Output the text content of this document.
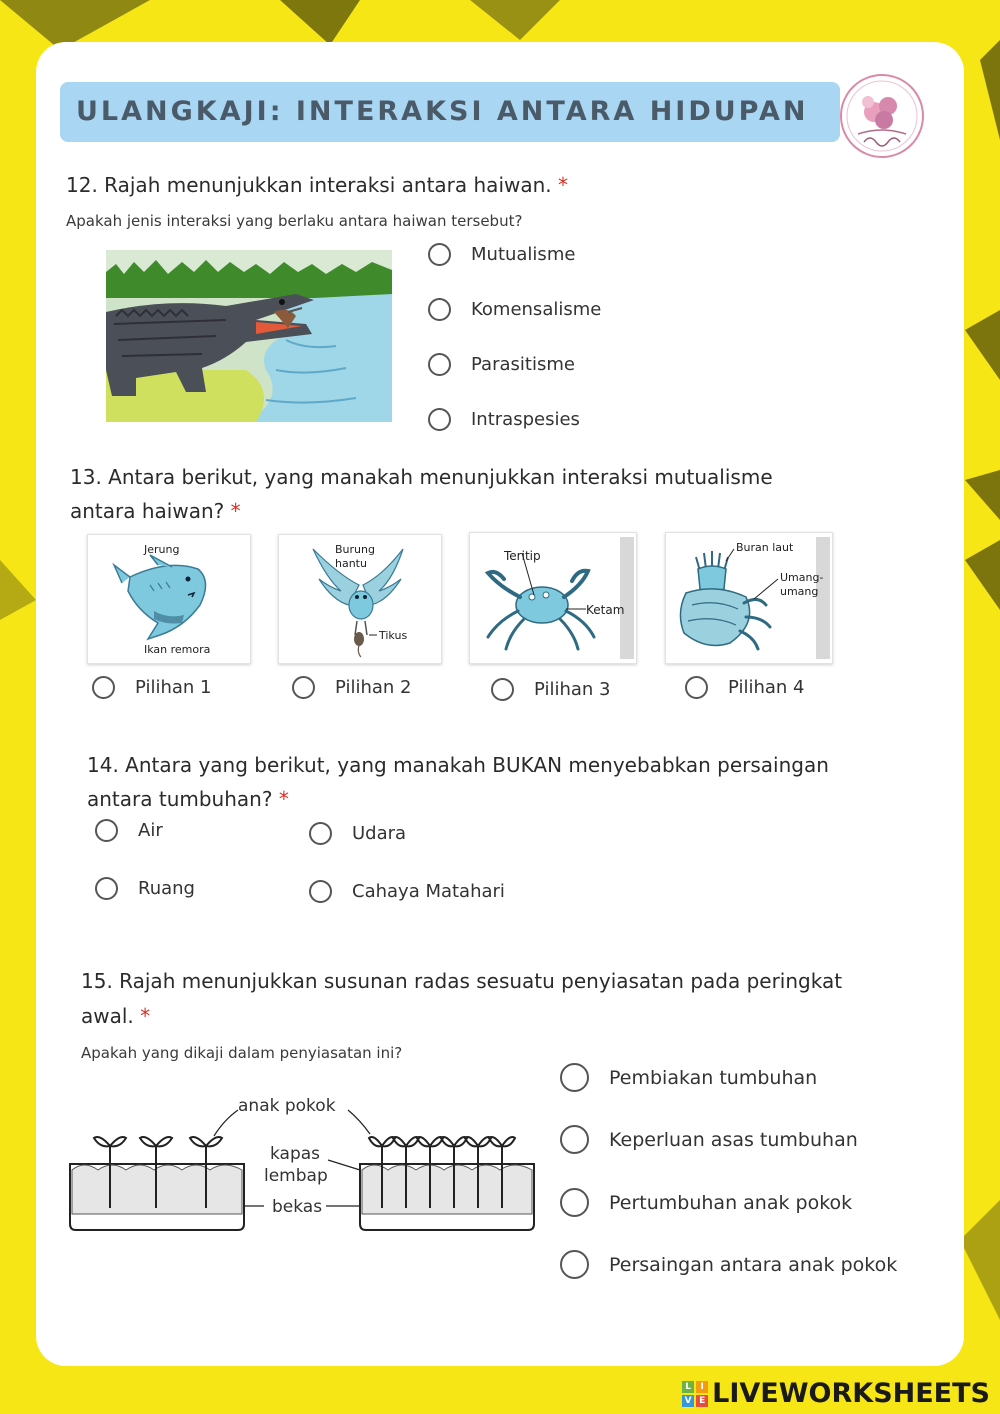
ULANGKAJI: INTERAKSI ANTARA HIDUPAN
12. Rajah menunjukkan interaksi antara haiwan. *
Apakah jenis interaksi yang berlaku antara haiwan tersebut?
Mutualisme
Komensalisme
Parasitisme
Intraspesies
13. Antara berikut, yang manakah menunjukkan interaksi mutualisme
antara haiwan? *
Jerung
Ikan remora
Burung
hantu
Tikus
Teritip
Ketam
Buran laut
Umang-
umang
Pilihan 1	Pilihan 2	Pilihan 3	Pilihan 4
14. Antara yang berikut, yang manakah BUKAN menyebabkan persaingan
antara tumbuhan? *
Air	Udara
Ruang	Cahaya Matahari
15. Rajah menunjukkan susunan radas sesuatu penyiasatan pada peringkat
awal. *
Apakah yang dikaji dalam penyiasatan ini?
anak pokok
kapas
lembap
bekas
Pembiakan tumbuhan
Keperluan asas tumbuhan
Pertumbuhan anak pokok
Persaingan antara anak pokok
L	I
V E LIVEWORKSHEETS
